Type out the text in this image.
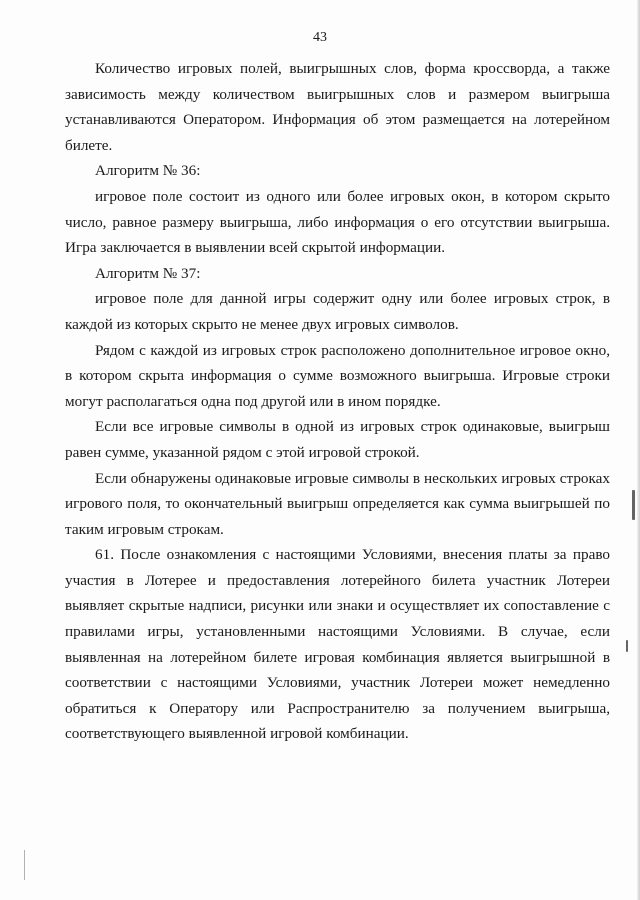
43

Количество игровых полей, выигрышных слов, форма кроссворда, а также зависимость между количеством выигрышных слов и размером выигрыша устанавливаются Оператором. Информация об этом размещается на лотерейном билете.

Алгоритм № 36:

игровое поле состоит из одного или более игровых окон, в котором скрыто число, равное размеру выигрыша, либо информация о его отсутствии выигрыша. Игра заключается в выявлении всей скрытой информации.

Алгоритм № 37:

игровое поле для данной игры содержит одну или более игровых строк, в каждой из которых скрыто не менее двух игровых символов.

Рядом с каждой из игровых строк расположено дополнительное игровое окно, в котором скрыта информация о сумме возможного выигрыша. Игровые строки могут располагаться одна под другой или в ином порядке.

Если все игровые символы в одной из игровых строк одинаковые, выигрыш равен сумме, указанной рядом с этой игровой строкой.

Если обнаружены одинаковые игровые символы в нескольких игровых строках игрового поля, то окончательный выигрыш определяется как сумма выигрышей по таким игровым строкам.

61. После ознакомления с настоящими Условиями, внесения платы за право участия в Лотерее и предоставления лотерейного билета участник Лотереи выявляет скрытые надписи, рисунки или знаки и осуществляет их сопоставление с правилами игры, установленными настоящими Условиями. В случае, если выявленная на лотерейном билете игровая комбинация является выигрышной в соответствии с настоящими Условиями, участник Лотереи может немедленно обратиться к Оператору или Распространителю за получением выигрыша, соответствующего выявленной игровой комбинации.
